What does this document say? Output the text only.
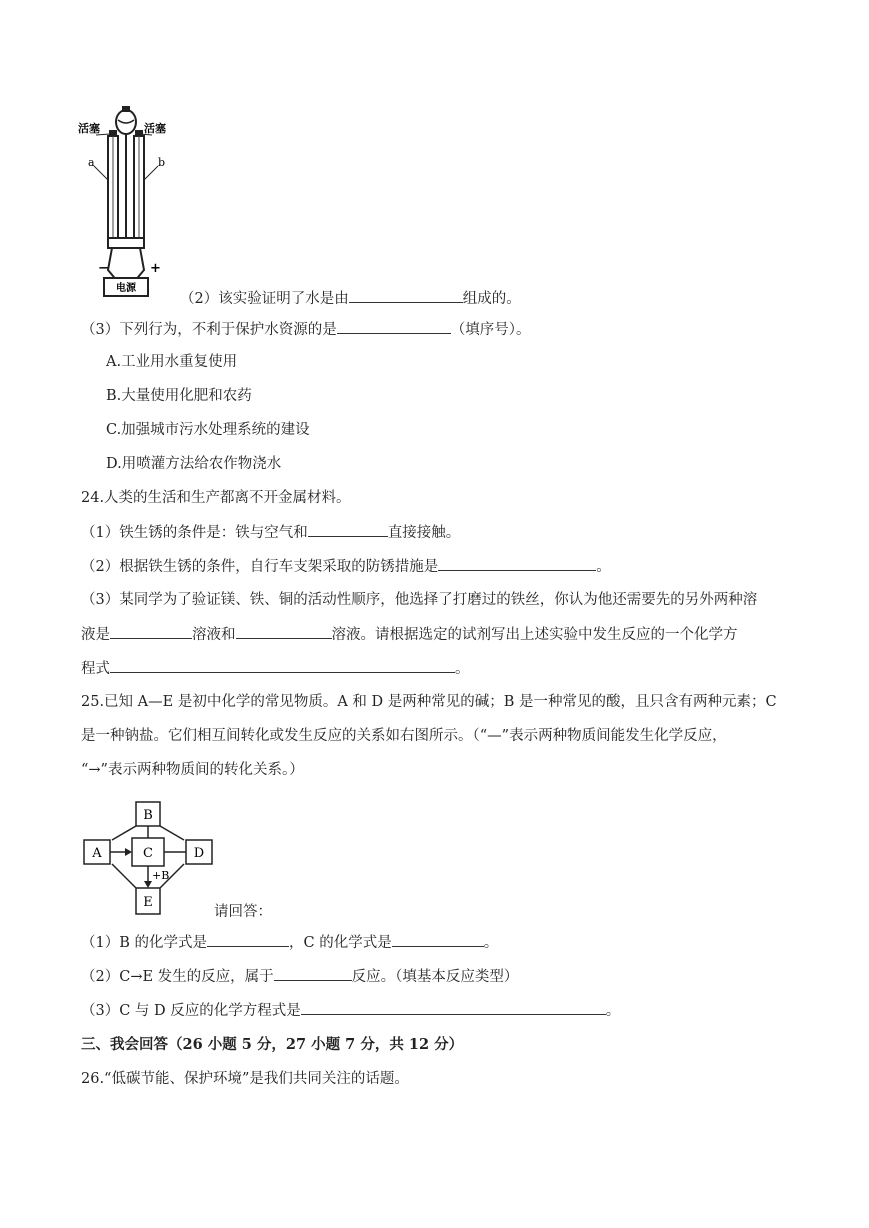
电源
活塞	活塞
a	b
−	+
（2）该实验证明了水是由	组成的。
（3）下列行为，不利于保护水资源的是	（填序号）。
A.工业用水重复使用
B.大量使用化肥和农药
C.加强城市污水处理系统的建设
D.用喷灌方法给农作物浇水
24.人类的生活和生产都离不开金属材料。
（1）铁生锈的条件是：铁与空气和	直接接触。
（2）根据铁生锈的条件，自行车支架采取的防锈措施是	。
（3）某同学为了验证镁、铁、铜的活动性顺序，他选择了打磨过的铁丝，你认为他还需要先的另外两种溶
液是	溶液和	溶液。请根据选定的试剂写出上述实验中发生反应的一个化学方
程式	。
25.已知 A—E 是初中化学的常见物质。A 和 D 是两种常见的碱；B 是一种常见的酸，且只含有两种元素；C
是一种钠盐。它们相互间转化或发生反应的关系如右图所示。（“—”表示两种物质间能发生化学反应，
“→”表示两种物质间的转化关系。）
B
A	C	D
E
+B
请回答：
（1）B 的化学式是	，C 的化学式是	。
（2）C→E 发生的反应，属于	反应。（填基本反应类型）
（3）C 与 D 反应的化学方程式是	。
三、我会回答（26 小题 5 分，27 小题 7 分，共 12 分）
26.“低碳节能、保护环境”是我们共同关注的话题。
